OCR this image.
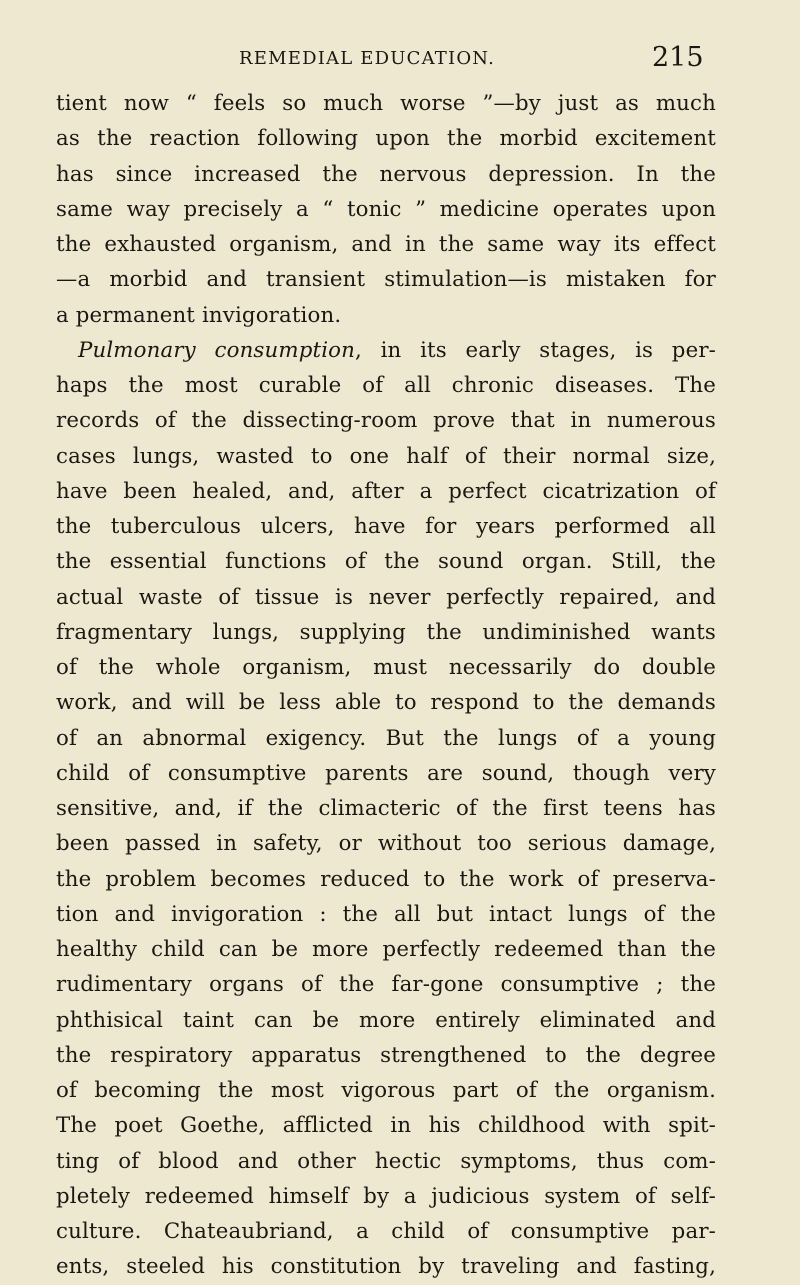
REMEDIAL EDUCATION.	215
tient now “ feels so much worse ”—by just as much
as the reaction following upon the morbid excitement
has since increased the nervous depression. In the
same way precisely a “ tonic ” medicine operates upon
the exhausted organism, and in the same way its effect
—a morbid and transient stimulation—is mistaken for
a permanent invigoration.
Pulmonary consumption, in its early stages, is per-
haps the most curable of all chronic diseases. The
records of the dissecting-room prove that in numerous
cases lungs, wasted to one half of their normal size,
have been healed, and, after a perfect cicatrization of
the tuberculous ulcers, have for years performed all
the essential functions of the sound organ. Still, the
actual waste of tissue is never perfectly repaired, and
fragmentary lungs, supplying the undiminished wants
of the whole organism, must necessarily do double
work, and will be less able to respond to the demands
of an abnormal exigency. But the lungs of a young
child of consumptive parents are sound, though very
sensitive, and, if the climacteric of the first teens has
been passed in safety, or without too serious damage,
the problem becomes reduced to the work of preserva-
tion and invigoration : the all but intact lungs of the
healthy child can be more perfectly redeemed than the
rudimentary organs of the far-gone consumptive ; the
phthisical taint can be more entirely eliminated and
the respiratory apparatus strengthened to the degree
of becoming the most vigorous part of the organism.
The poet Goethe, afflicted in his childhood with spit-
ting of blood and other hectic symptoms, thus com-
pletely redeemed himself by a judicious system of self-
culture. Chateaubriand, a child of consumptive par-
ents, steeled his constitution by traveling and fasting,
